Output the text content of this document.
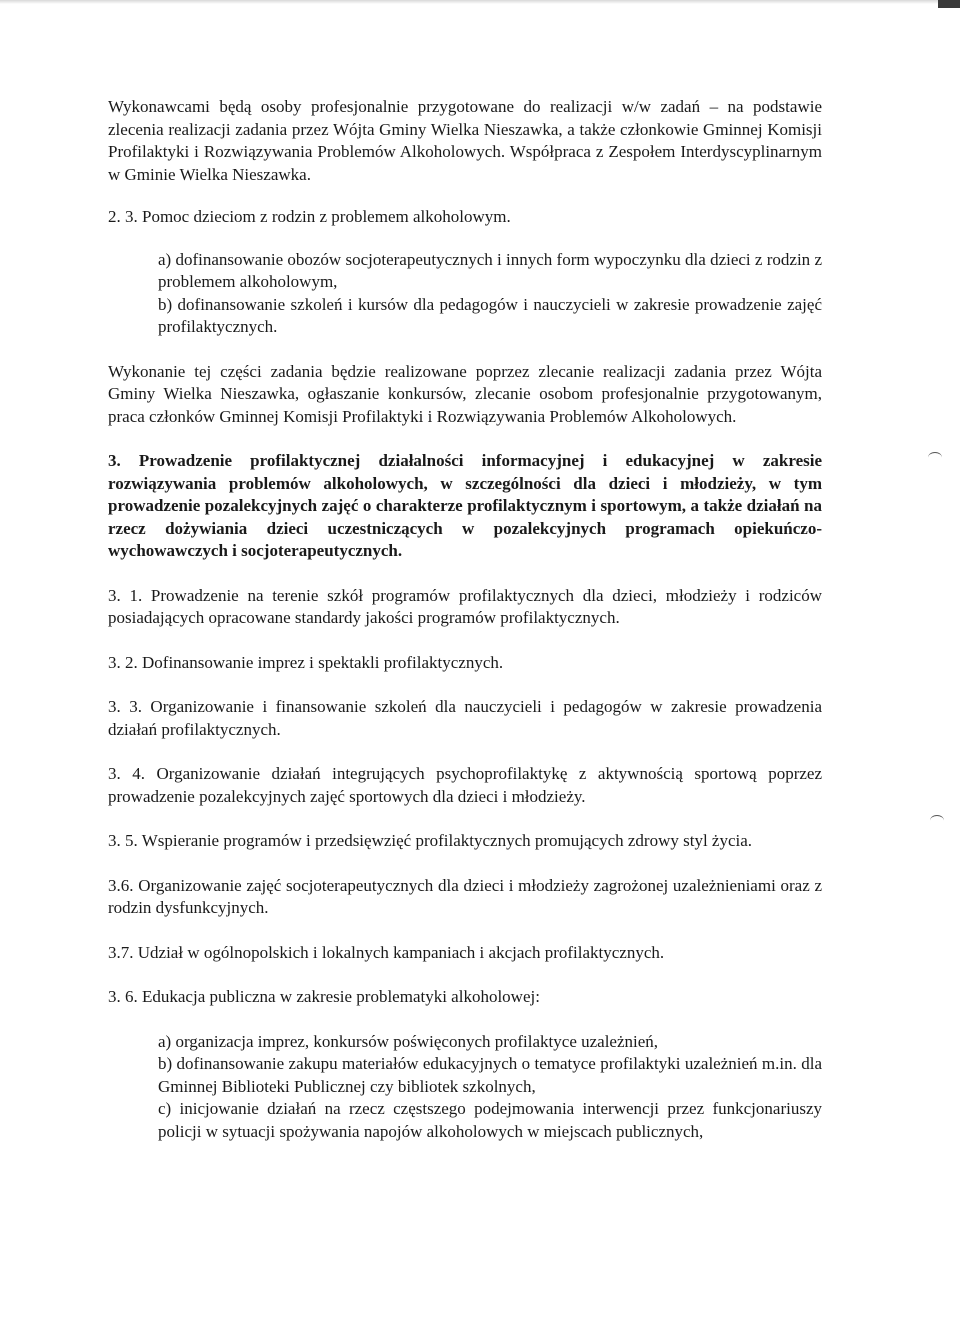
Wykonawcami będą osoby profesjonalnie przygotowane do realizacji w/w zadań – na podstawie zlecenia realizacji zadania przez Wójta Gminy Wielka Nieszawka, a także członkowie Gminnej Komisji Profilaktyki i Rozwiązywania Problemów Alkoholowych. Współpraca z Zespołem Interdyscyplinarnym w Gminie Wielka Nieszawka.

2. 3. Pomoc dzieciom z rodzin z problemem alkoholowym.

a) dofinansowanie obozów socjoterapeutycznych i innych form wypoczynku dla dzieci z rodzin z problemem alkoholowym,

b) dofinansowanie szkoleń i kursów dla pedagogów i nauczycieli w zakresie prowadzenie zajęć profilaktycznych.

Wykonanie tej części zadania będzie realizowane poprzez zlecanie realizacji zadania przez Wójta Gminy Wielka Nieszawka, ogłaszanie konkursów, zlecanie osobom profesjonalnie przygotowanym, praca członków Gminnej Komisji Profilaktyki i Rozwiązywania Problemów Alkoholowych.

3. Prowadzenie profilaktycznej działalności informacyjnej i edukacyjnej w zakresie rozwiązywania problemów alkoholowych, w szczególności dla dzieci i młodzieży, w tym prowadzenie pozalekcyjnych zajęć o charakterze profilaktycznym i sportowym, a także działań na rzecz dożywiania dzieci uczestniczących w pozalekcyjnych programach opiekuńczo-wychowawczych i socjoterapeutycznych.

3. 1. Prowadzenie na terenie szkół programów profilaktycznych dla dzieci, młodzieży i rodziców posiadających opracowane standardy jakości programów profilaktycznych.

3. 2. Dofinansowanie imprez i spektakli profilaktycznych.

3. 3. Organizowanie i finansowanie szkoleń dla nauczycieli i pedagogów w zakresie prowadzenia działań profilaktycznych.

3. 4. Organizowanie działań integrujących psychoprofilaktykę z aktywnością sportową poprzez prowadzenie pozalekcyjnych zajęć sportowych dla dzieci i młodzieży.

3. 5. Wspieranie programów i przedsięwzięć profilaktycznych promujących zdrowy styl życia.

3.6. Organizowanie zajęć socjoterapeutycznych dla dzieci i młodzieży zagrożonej uzależnieniami oraz z rodzin dysfunkcyjnych.

3.7. Udział w ogólnopolskich i lokalnych kampaniach i akcjach profilaktycznych.

3. 6. Edukacja publiczna w zakresie problematyki alkoholowej:

a) organizacja imprez, konkursów poświęconych profilaktyce uzależnień,

b) dofinansowanie zakupu materiałów edukacyjnych o tematyce profilaktyki uzależnień m.in. dla Gminnej Biblioteki Publicznej czy bibliotek szkolnych,

c) inicjowanie działań na rzecz częstszego podejmowania interwencji przez funkcjonariuszy policji w sytuacji spożywania napojów alkoholowych w miejscach publicznych,
